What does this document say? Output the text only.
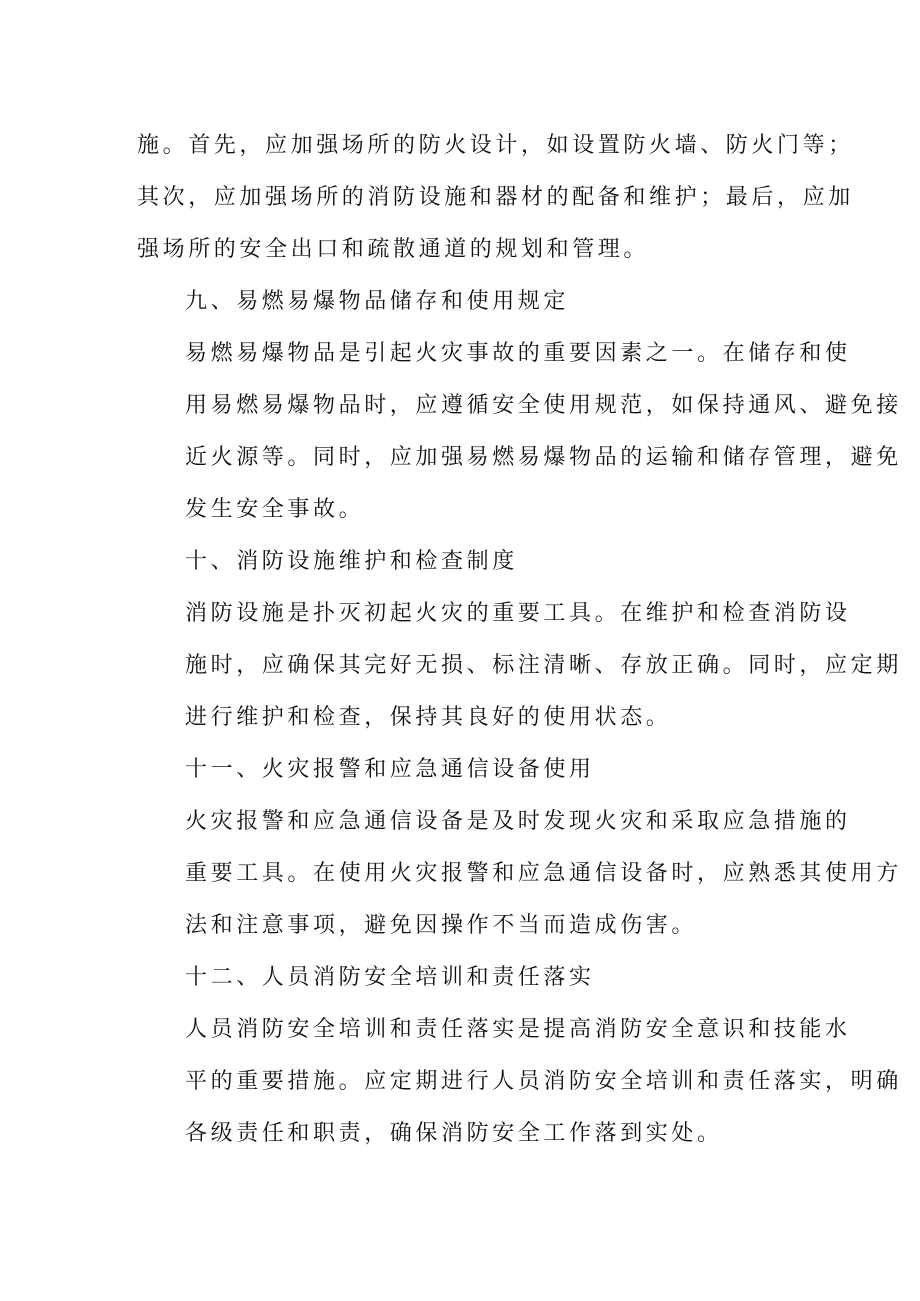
施。首先，应加强场所的防火设计，如设置防火墙、防火门等；
其次，应加强场所的消防设施和器材的配备和维护；最后，应加
强场所的安全出口和疏散通道的规划和管理。

九、易燃易爆物品储存和使用规定

易燃易爆物品是引起火灾事故的重要因素之一。在储存和使
用易燃易爆物品时，应遵循安全使用规范，如保持通风、避免接
近火源等。同时，应加强易燃易爆物品的运输和储存管理，避免
发生安全事故。

十、消防设施维护和检查制度

消防设施是扑灭初起火灾的重要工具。在维护和检查消防设
施时，应确保其完好无损、标注清晰、存放正确。同时，应定期
进行维护和检查，保持其良好的使用状态。

十一、火灾报警和应急通信设备使用

火灾报警和应急通信设备是及时发现火灾和采取应急措施的
重要工具。在使用火灾报警和应急通信设备时，应熟悉其使用方
法和注意事项，避免因操作不当而造成伤害。

十二、人员消防安全培训和责任落实

人员消防安全培训和责任落实是提高消防安全意识和技能水
平的重要措施。应定期进行人员消防安全培训和责任落实，明确
各级责任和职责，确保消防安全工作落到实处。
